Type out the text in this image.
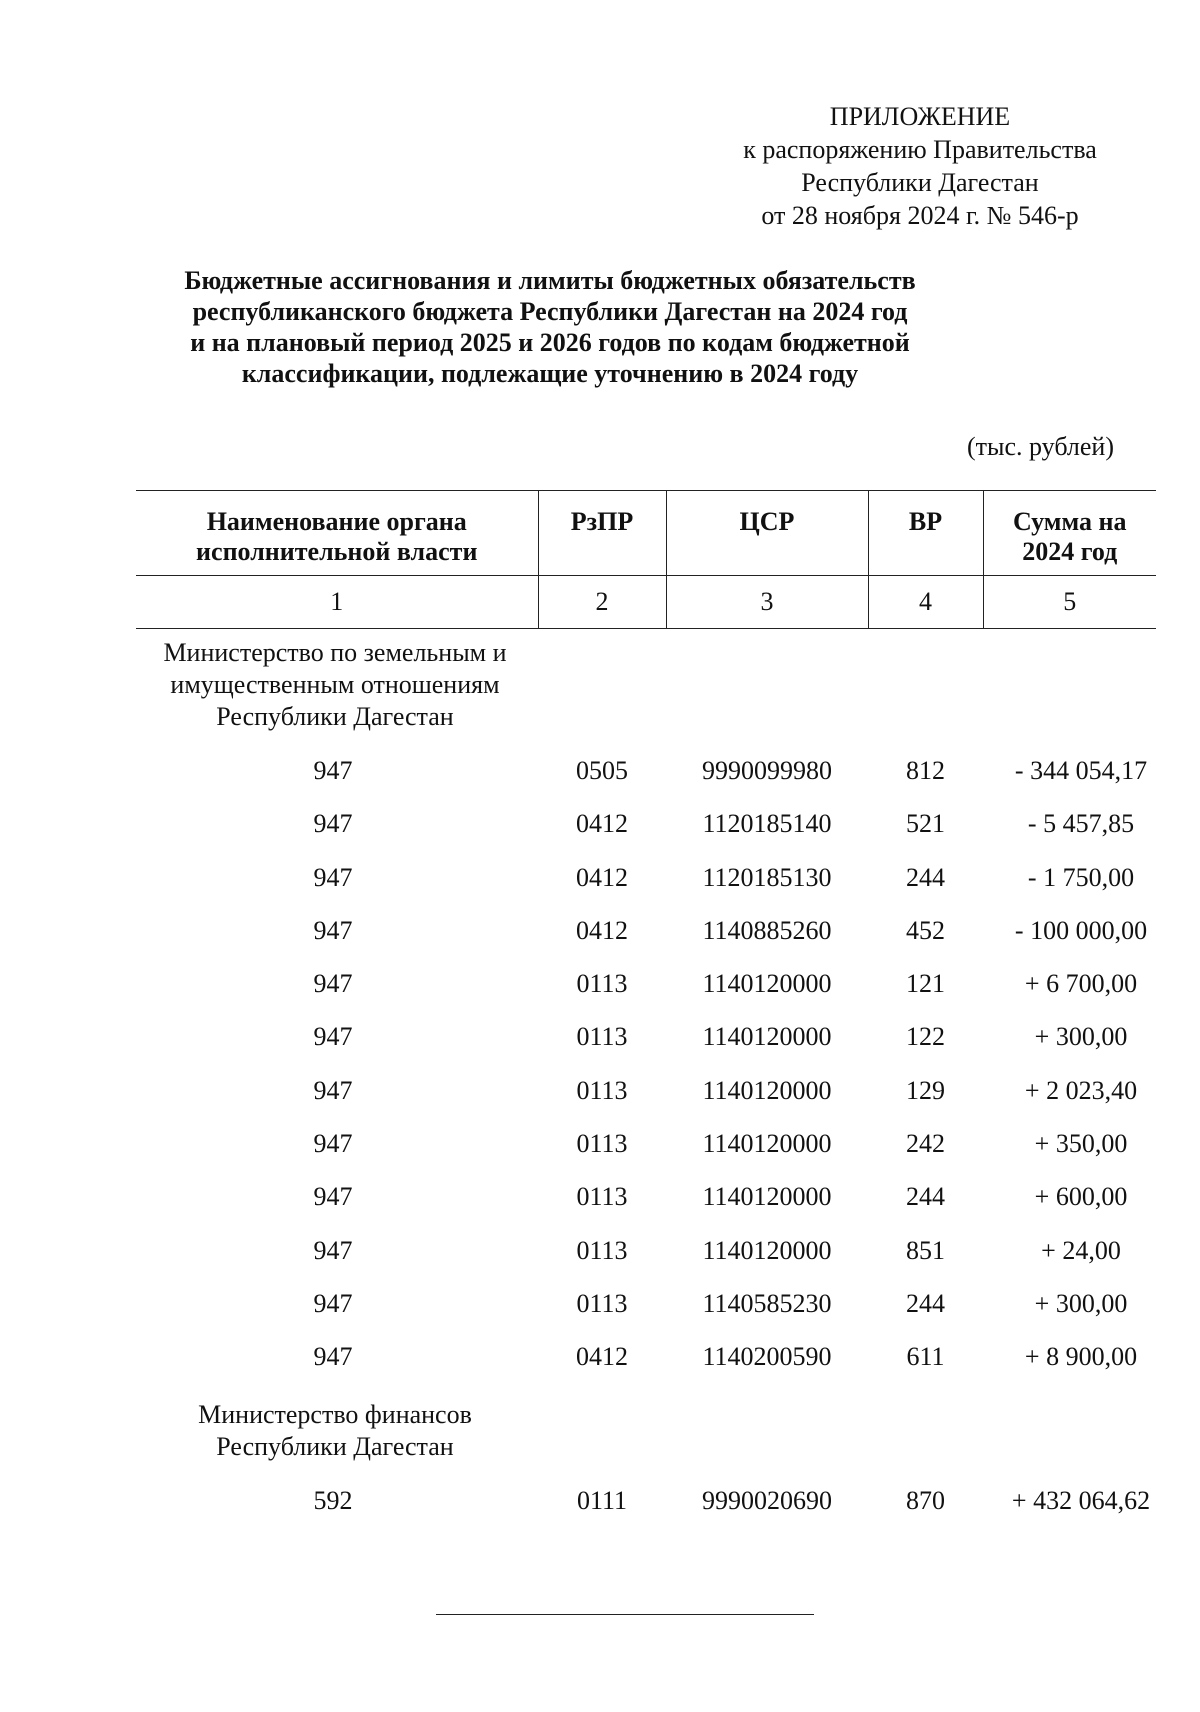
ПРИЛОЖЕНИЕ
к распоряжению Правительства
Республики Дагестан
от 28 ноября 2024 г. № 546-р
Бюджетные ассигнования и лимиты бюджетных обязательств
республиканского бюджета Республики Дагестан на 2024 год
и на плановый период 2025 и 2026 годов по кодам бюджетной
классификации, подлежащие уточнению в 2024 году
(тыс. рублей)
Наименование органа исполнительной власти	РзПР	ЦСР	ВР	Сумма на 2024 год
1	2	3	4	5
Министерство по земельным и имущественным отношениям Республики Дагестан				
947	0505	9990099980	812	- 344 054,17
947	0412	1120185140	521	- 5 457,85
947	0412	1120185130	244	- 1 750,00
947	0412	1140885260	452	- 100 000,00
947	0113	1140120000	121	+ 6 700,00
947	0113	1140120000	122	+ 300,00
947	0113	1140120000	129	+ 2 023,40
947	0113	1140120000	242	+ 350,00
947	0113	1140120000	244	+ 600,00
947	0113	1140120000	851	+ 24,00
947	0113	1140585230	244	+ 300,00
947	0412	1140200590	611	+ 8 900,00
Министерство финансов Республики Дагестан				
592	0111	9990020690	870	+ 432 064,62
